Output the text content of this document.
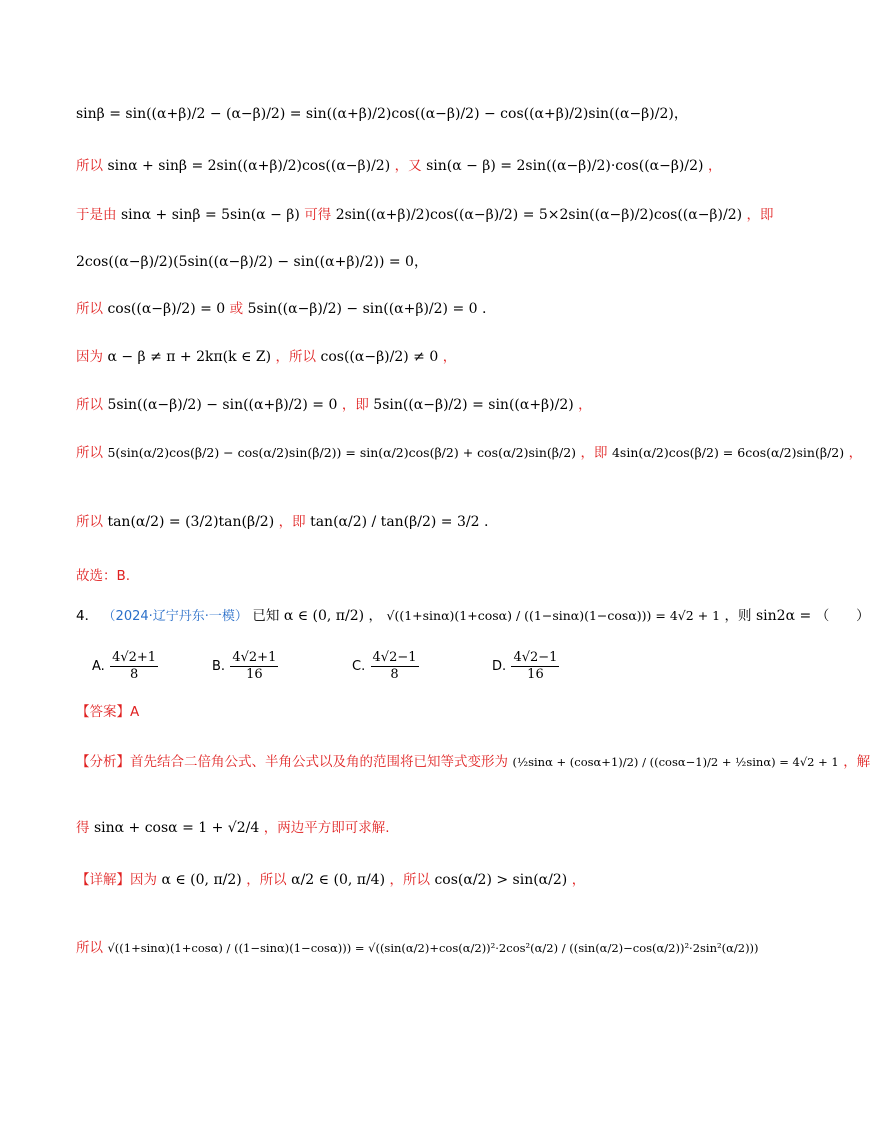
sinβ = sin((α+β)/2 − (α−β)/2) = sin((α+β)/2)cos((α−β)/2) − cos((α+β)/2)sin((α−β)/2)，
所以 sinα + sinβ = 2sin((α+β)/2)cos((α−β)/2) ，又 sin(α − β) = 2sin((α−β)/2)·cos((α−β)/2) ，
于是由 sinα + sinβ = 5sin(α − β) 可得 2sin((α+β)/2)cos((α−β)/2) = 5×2sin((α−β)/2)cos((α−β)/2) ，即
2cos((α−β)/2)(5sin((α−β)/2) − sin((α+β)/2)) = 0，
所以 cos((α−β)/2) = 0 或 5sin((α−β)/2) − sin((α+β)/2) = 0 .
因为 α − β ≠ π + 2kπ(k ∈ Z) ，所以 cos((α−β)/2) ≠ 0 ，
所以 5sin((α−β)/2) − sin((α+β)/2) = 0 ，即 5sin((α−β)/2) = sin((α+β)/2) ，
所以 5(sin(α/2)cos(β/2) − cos(α/2)sin(β/2)) = sin(α/2)cos(β/2) + cos(α/2)sin(β/2) ，即 4sin(α/2)cos(β/2) = 6cos(α/2)sin(β/2) ，
所以 tan(α/2) = (3/2)tan(β/2) ，即 tan(α/2) / tan(β/2) = 3/2 .
故选：B.
4． （2024·辽宁丹东·一模） 已知 α ∈ (0, π/2) ， √((1+sinα)(1+cosα) / ((1−sinα)(1−cosα))) = 4√2 + 1 ，则 sin2α = （　　）
A. $\frac{4√2+1}{8}$	B. $\frac{4√2+1}{16}$	C. $\frac{4√2-1}{8}$	D. $\frac{4√2-1}{16}$
【答案】A
【分析】首先结合二倍角公式、半角公式以及角的范围将已知等式变形为 (½sinα + (cosα+1)/2) / ((cosα−1)/2 + ½sinα) = 4√2 + 1 ，解
得 sinα + cosα = 1 + √2/4 ，两边平方即可求解.
【详解】因为 α ∈ (0, π/2) ，所以 α/2 ∈ (0, π/4) ，所以 cos(α/2) > sin(α/2) ，
所以 √((1+sinα)(1+cosα) / ((1−sinα)(1−cosα))) = √((sin(α/2)+cos(α/2))²·2cos²(α/2) / ((sin(α/2)−cos(α/2))²·2sin²(α/2)))
